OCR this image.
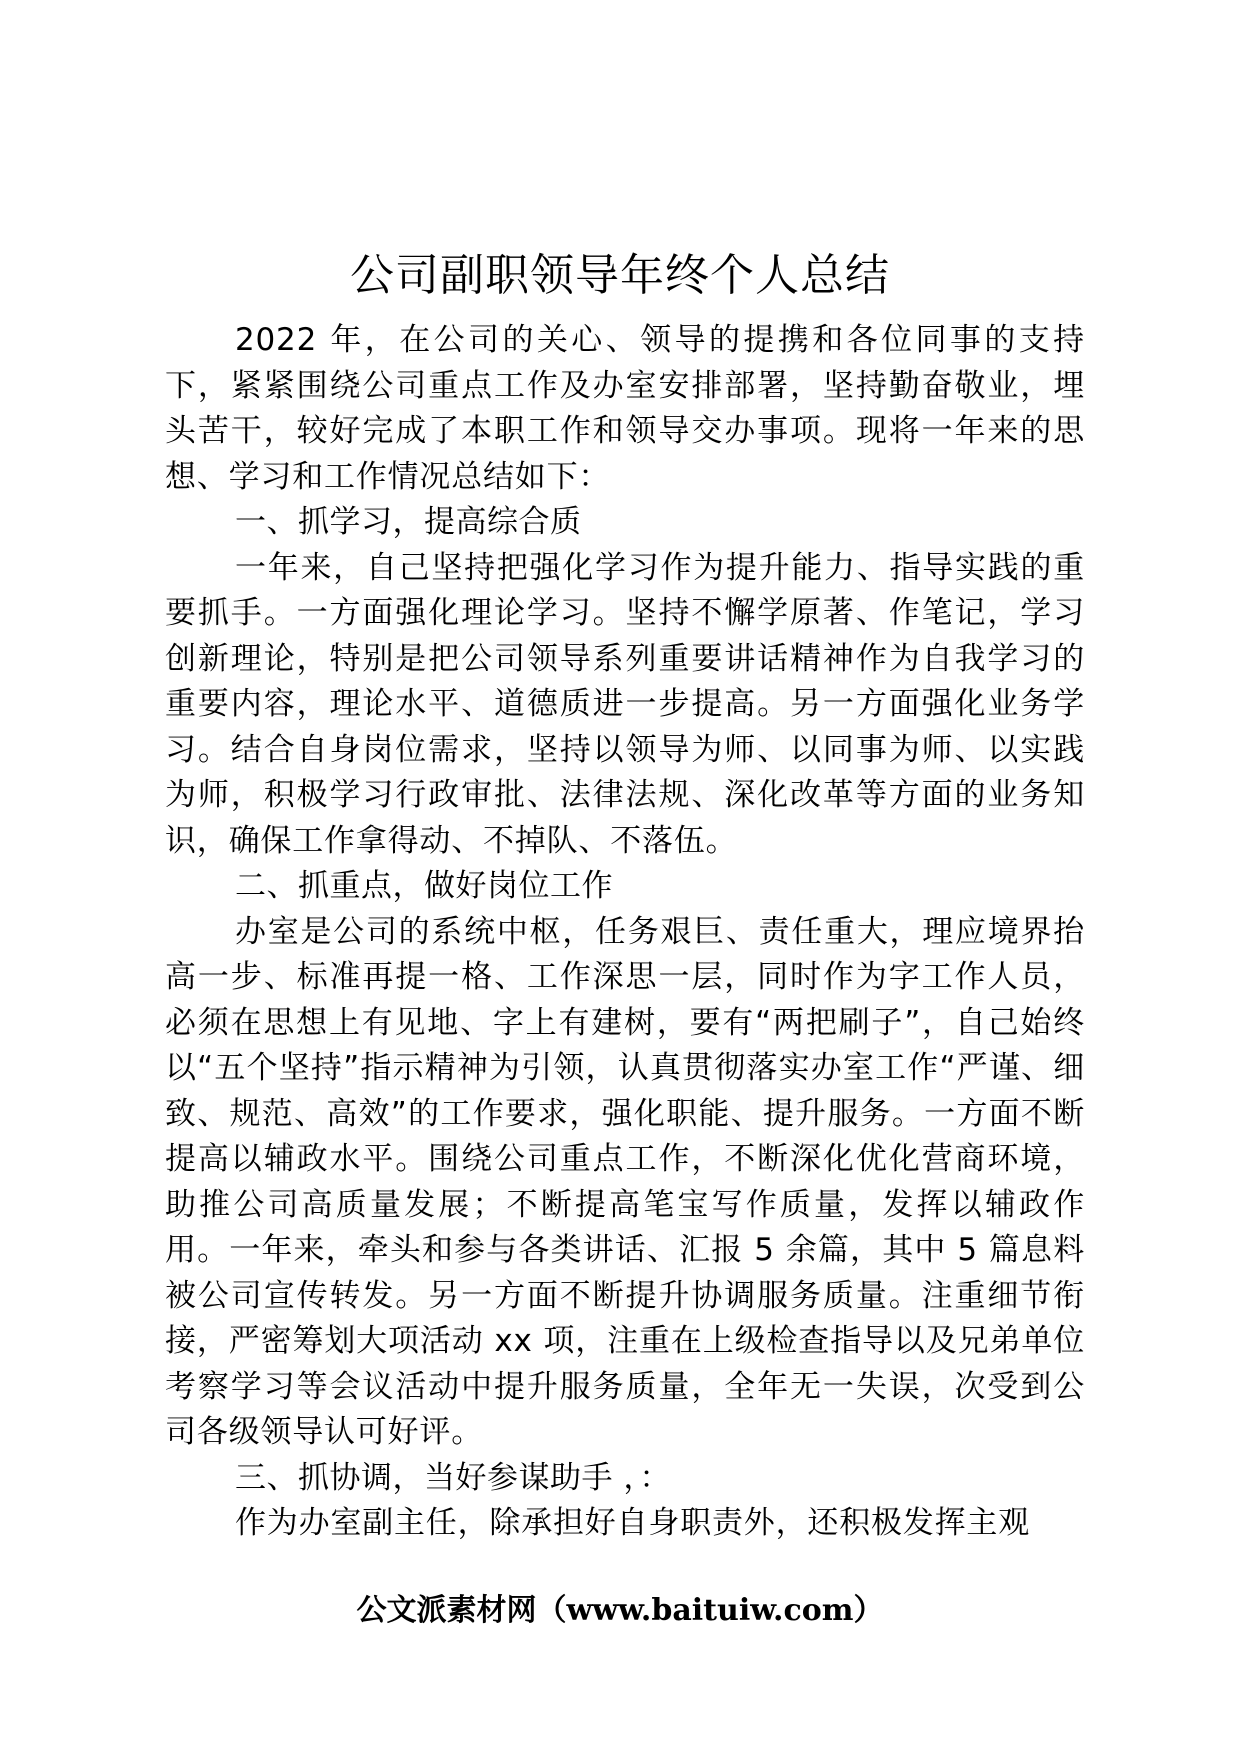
公司副职领导年终个人总结

2022 年，在公司的关心、领导的提携和各位同事的支持下，紧紧围绕公司重点工作及办室安排部署，坚持勤奋敬业，埋头苦干，较好完成了本职工作和领导交办事项。现将一年来的思想、学习和工作情况总结如下：

一、抓学习，提高综合质

一年来，自己坚持把强化学习作为提升能力、指导实践的重要抓手。一方面强化理论学习。坚持不懈学原著、作笔记，学习创新理论，特别是把公司领导系列重要讲话精神作为自我学习的重要内容，理论水平、道德质进一步提高。另一方面强化业务学习。结合自身岗位需求，坚持以领导为师、以同事为师、以实践为师，积极学习行政审批、法律法规、深化改革等方面的业务知识，确保工作拿得动、不掉队、不落伍。

二、抓重点，做好岗位工作

办室是公司的系统中枢，任务艰巨、责任重大，理应境界抬高一步、标准再提一格、工作深思一层，同时作为字工作人员，必须在思想上有见地、字上有建树，要有“两把刷子”，自己始终以“五个坚持”指示精神为引领，认真贯彻落实办室工作“严谨、细致、规范、高效”的工作要求，强化职能、提升服务。一方面不断提高以辅政水平。围绕公司重点工作，不断深化优化营商环境，助推公司高质量发展；不断提高笔宝写作质量，发挥以辅政作用。一年来，牵头和参与各类讲话、汇报 5 余篇，其中 5 篇息料被公司宣传转发。另一方面不断提升协调服务质量。注重细节衔接，严密筹划大项活动 xx 项，注重在上级检查指导以及兄弟单位考察学习等会议活动中提升服务质量，全年无一失误，次受到公司各级领导认可好评。

三、抓协调，当好参谋助手 ，：

作为办室副主任，除承担好自身职责外，还积极发挥主观

公文派素材网（www.baituiw.com）
